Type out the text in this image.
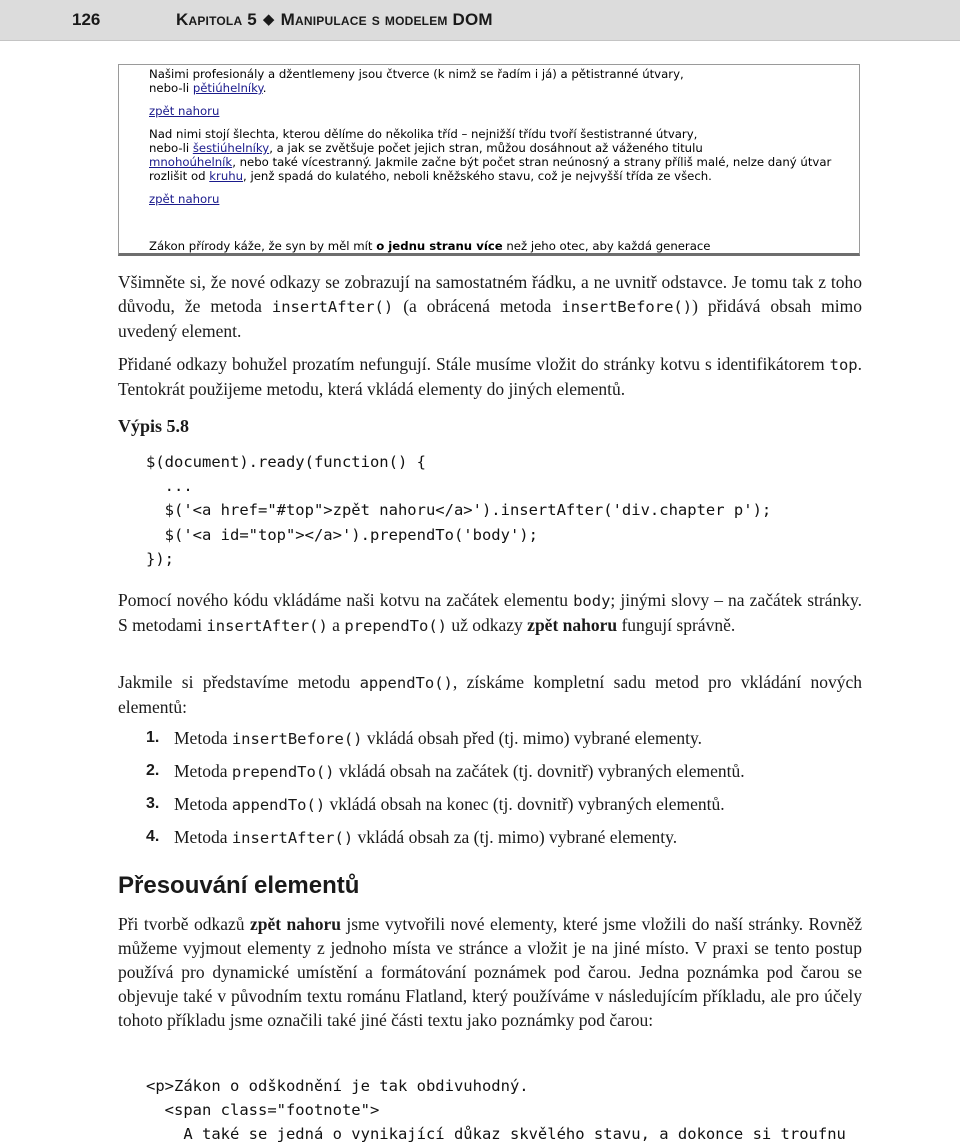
126	Kapitola 5 ◆ Manipulace s modelem DOM

Našimi profesionály a džentlemeny jsou čtverce (k nimž se řadím i já) a pětistranné útvary,
nebo-li pětiúhelníky.

zpět nahoru

Nad nimi stojí šlechta, kterou dělíme do několika tříd – nejnižší třídu tvoří šestistranné útvary,
nebo-li šestiúhelníky, a jak se zvětšuje počet jejich stran, můžou dosáhnout až váženého titulu
mnohoúhelník, nebo také vícestranný. Jakmile začne být počet stran neúnosný a strany příliš malé, nelze daný útvar rozlišit od kruhu, jenž spadá do kulatého, neboli kněžského stavu, což je nejvyšší třída ze všech.

zpět nahoru

Zákon přírody káže, že syn by měl mít o jednu stranu více než jeho otec, aby každá generace
Všimněte si, že nové odkazy se zobrazují na samostatném řádku, a ne uvnitř odstavce. Je tomu tak z toho důvodu, že metoda insertAfter() (a obrácená metoda insertBefore()) přidává obsah mimo uvedený element.
Přidané odkazy bohužel prozatím nefungují. Stále musíme vložit do stránky kotvu s identifikátorem top. Tentokrát použijeme metodu, která vkládá elementy do jiných elementů.
Výpis 5.8
$(document).ready(function() {
...
$('<a href="#top">zpět nahoru</a>').insertAfter('div.chapter p');
$('<a id="top"></a>').prependTo('body');
});
Pomocí nového kódu vkládáme naši kotvu na začátek elementu body; jinými slovy – na začátek stránky. S metodami insertAfter() a prependTo() už odkazy zpět nahoru fungují správně.
Jakmile si představíme metodu appendTo(), získáme kompletní sadu metod pro vkládání nových elementů:
1. Metoda insertBefore() vkládá obsah před (tj. mimo) vybrané elementy.
2. Metoda prependTo() vkládá obsah na začátek (tj. dovnitř) vybraných elementů.
3. Metoda appendTo() vkládá obsah na konec (tj. dovnitř) vybraných elementů.
4. Metoda insertAfter() vkládá obsah za (tj. mimo) vybrané elementy.
Přesouvání elementů
Při tvorbě odkazů zpět nahoru jsme vytvořili nové elementy, které jsme vložili do naší stránky. Rovněž můžeme vyjmout elementy z jednoho místa ve stránce a vložit je na jiné místo. V praxi se tento postup používá pro dynamické umístění a formátování poznámek pod čarou. Jedna poznámka pod čarou se objevuje také v původním textu románu Flatland, který používáme v následujícím příkladu, ale pro účely tohoto příkladu jsme označili také jiné části textu jako poznámky pod čarou:
<p>Zákon o odškodnění je tak obdivuhodný.
<span class="footnote">
A také se jedná o vynikající důkaz skvělého stavu, a dokonce si troufnu
